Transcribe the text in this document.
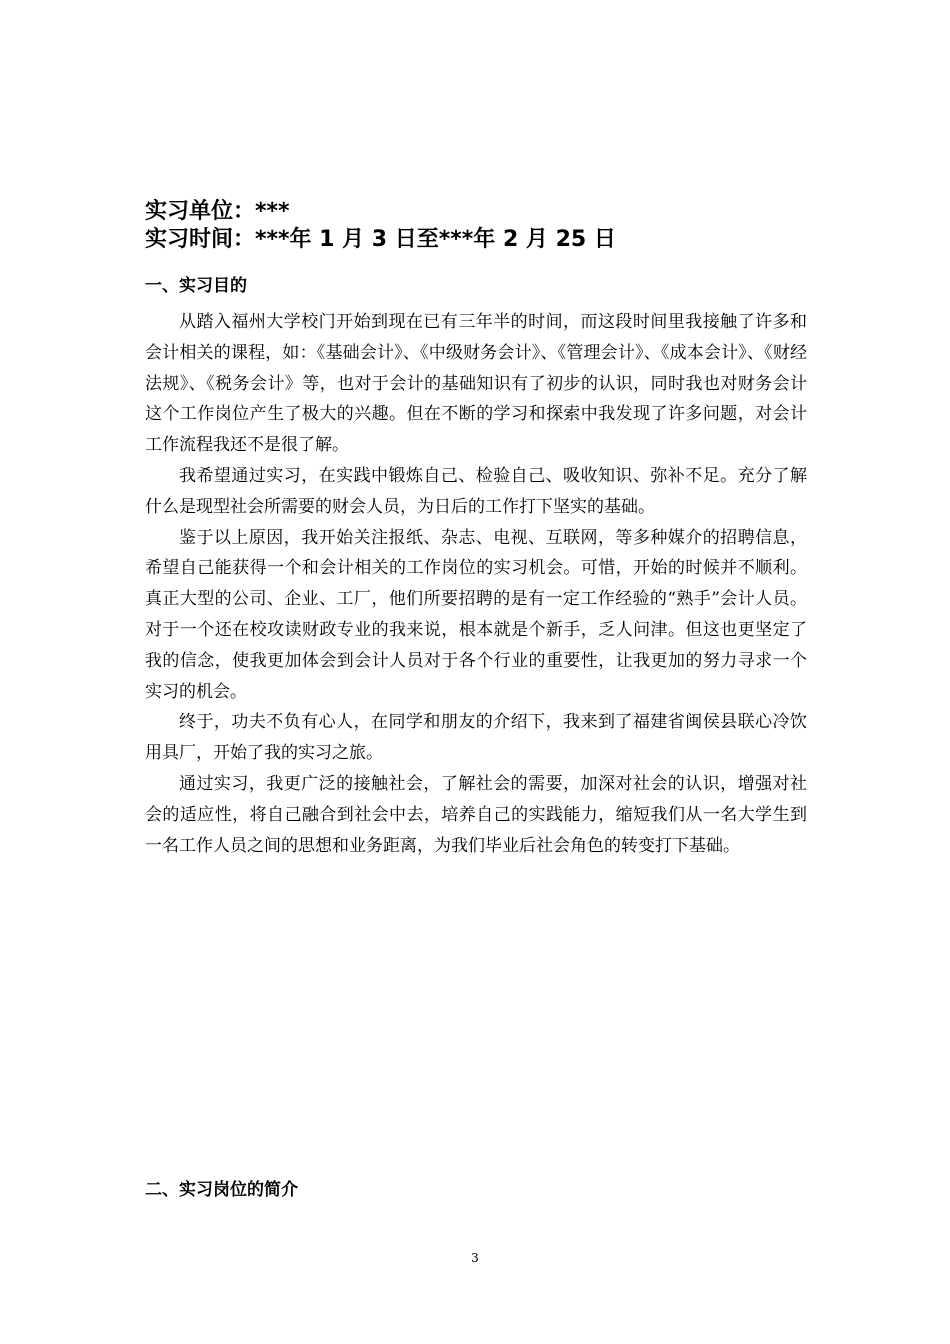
实习单位：***
实习时间：***年 1 月 3 日至***年 2 月 25 日
一、实习目的

从踏入福州大学校门开始到现在已有三年半的时间，而这段时间里我接触了许多和会计相关的课程，如：《基础会计》、《中级财务会计》、《管理会计》、《成本会计》、《财经法规》、《税务会计》等，也对于会计的基础知识有了初步的认识，同时我也对财务会计这个工作岗位产生了极大的兴趣。但在不断的学习和探索中我发现了许多问题，对会计工作流程我还不是很了解。

我希望通过实习，在实践中锻炼自己、检验自己、吸收知识、弥补不足。充分了解什么是现型社会所需要的财会人员，为日后的工作打下坚实的基础。

鉴于以上原因，我开始关注报纸、杂志、电视、互联网，等多种媒介的招聘信息，希望自己能获得一个和会计相关的工作岗位的实习机会。可惜，开始的时候并不顺利。真正大型的公司、企业、工厂，他们所要招聘的是有一定工作经验的“熟手”会计人员。对于一个还在校攻读财政专业的我来说，根本就是个新手，乏人问津。但这也更坚定了我的信念，使我更加体会到会计人员对于各个行业的重要性，让我更加的努力寻求一个实习的机会。

终于，功夫不负有心人，在同学和朋友的介绍下，我来到了福建省闽侯县联心冷饮用具厂，开始了我的实习之旅。

通过实习，我更广泛的接触社会，了解社会的需要，加深对社会的认识，增强对社会的适应性，将自己融合到社会中去，培养自己的实践能力，缩短我们从一名大学生到一名工作人员之间的思想和业务距离，为我们毕业后社会角色的转变打下基础。

二、实习岗位的简介
3
